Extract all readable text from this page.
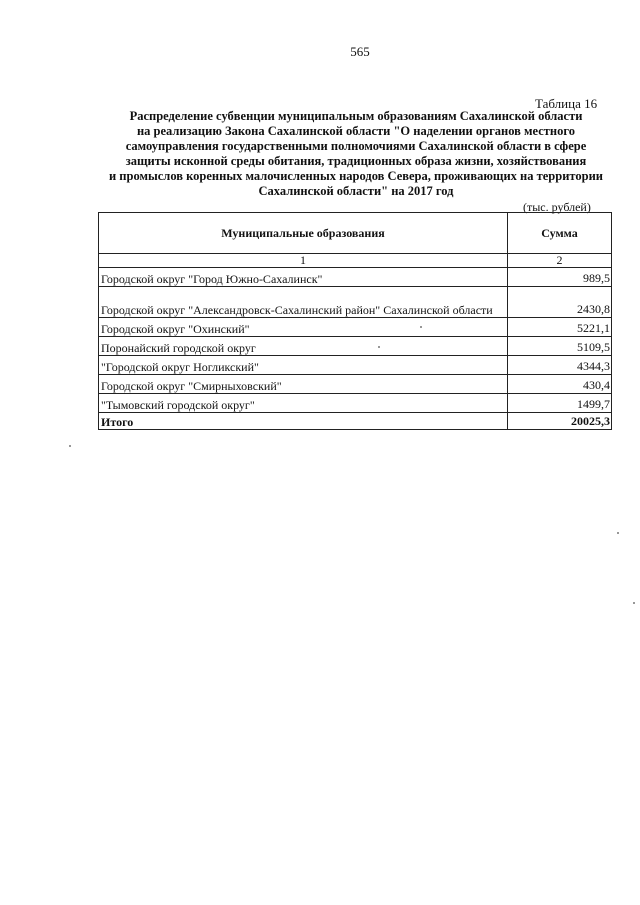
565
Таблица 16
Распределение субвенции муниципальным образованиям Сахалинской области
на реализацию Закона Сахалинской области "О наделении органов местного
самоуправления государственными полномочиями Сахалинской области в сфере
защиты исконной среды обитания, традиционных образа жизни, хозяйствования
и промыслов коренных малочисленных народов Севера, проживающих на территории
Сахалинской области" на 2017 год
(тыс. рублей)
Муниципальные образования	Сумма
1	2
Городской округ "Город Южно-Сахалинск"	989,5
Городской округ "Александровск-Сахалинский район" Сахалинской области	2430,8
Городской округ "Охинский"	5221,1
Поронайский городской округ	5109,5
"Городской округ Ногликский"	4344,3
Городской округ "Смирныховский"	430,4
"Тымовский городской округ"	1499,7
Итого	20025,3
